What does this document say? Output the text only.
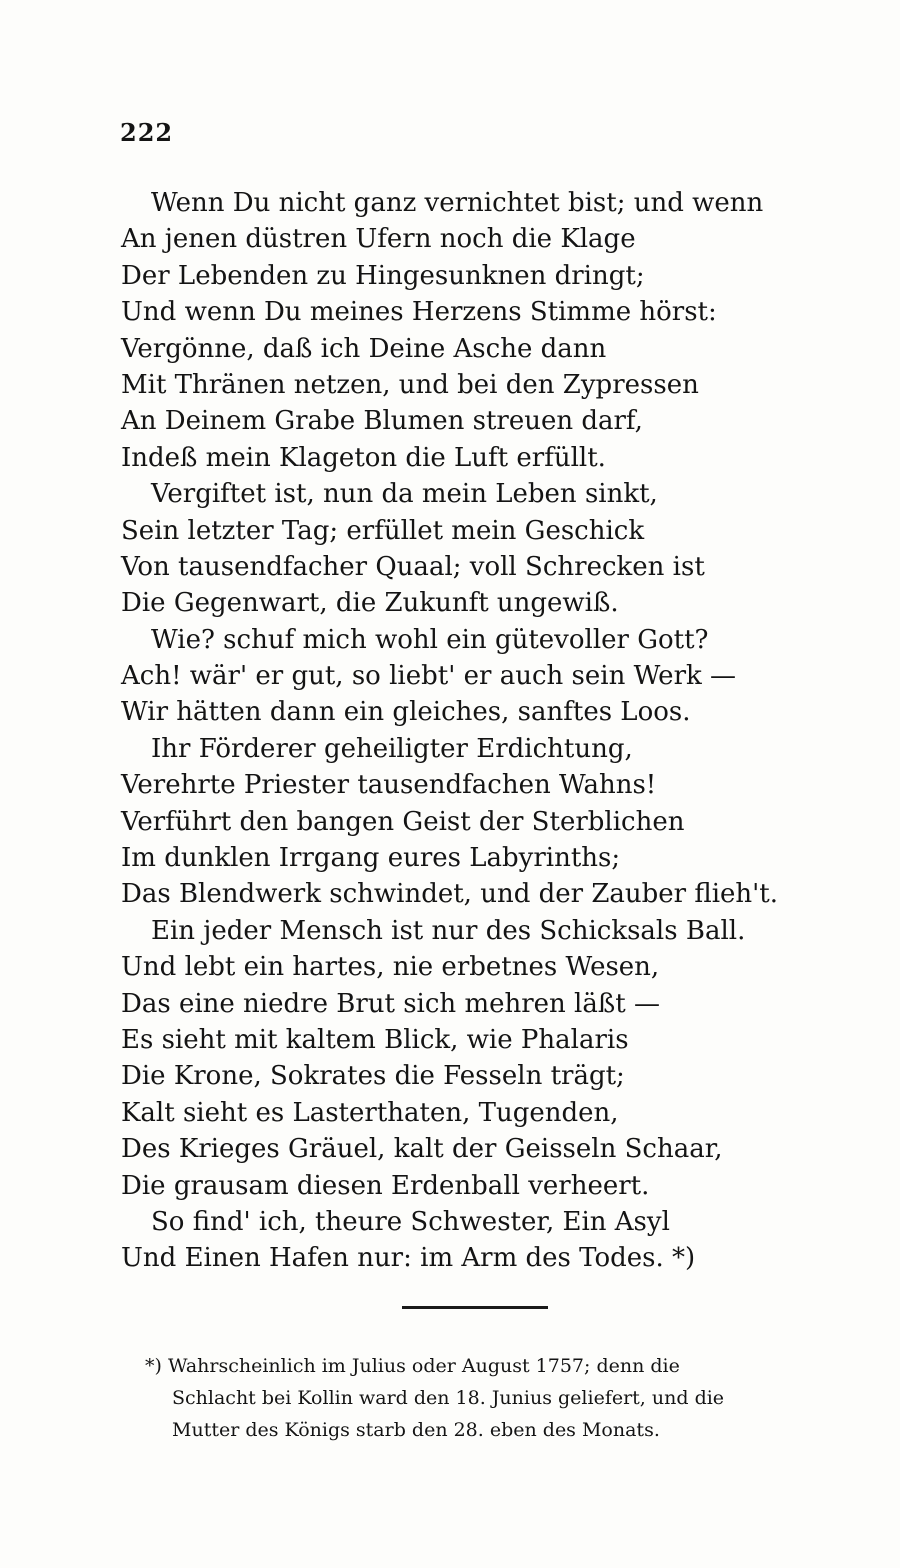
222
Wenn Du nicht ganz vernichtet bist; und wenn
An jenen düstren Ufern noch die Klage
Der Lebenden zu Hingesunknen dringt;
Und wenn Du meines Herzens Stimme hörst:
Vergönne, daß ich Deine Asche dann
Mit Thränen netzen, und bei den Zypressen
An Deinem Grabe Blumen streuen darf,
Indeß mein Klageton die Luft erfüllt.
Vergiftet ist, nun da mein Leben sinkt,
Sein letzter Tag; erfüllet mein Geschick
Von tausendfacher Quaal; voll Schrecken ist
Die Gegenwart, die Zukunft ungewiß.
Wie? schuf mich wohl ein gütevoller Gott?
Ach! wär' er gut, so liebt' er auch sein Werk —
Wir hätten dann ein gleiches, sanftes Loos.
Ihr Förderer geheiligter Erdichtung,
Verehrte Priester tausendfachen Wahns!
Verführt den bangen Geist der Sterblichen
Im dunklen Irrgang eures Labyrinths;
Das Blendwerk schwindet, und der Zauber flieh't.
Ein jeder Mensch ist nur des Schicksals Ball.
Und lebt ein hartes, nie erbetnes Wesen,
Das eine niedre Brut sich mehren läßt —
Es sieht mit kaltem Blick, wie Phalaris
Die Krone, Sokrates die Fesseln trägt;
Kalt sieht es Lasterthaten, Tugenden,
Des Krieges Gräuel, kalt der Geisseln Schaar,
Die grausam diesen Erdenball verheert.
So find' ich, theure Schwester, Ein Asyl
Und Einen Hafen nur: im Arm des Todes. *)
*) Wahrscheinlich im Julius oder August 1757; denn die
Schlacht bei Kollin ward den 18. Junius geliefert, und die
Mutter des Königs starb den 28. eben des Monats.
